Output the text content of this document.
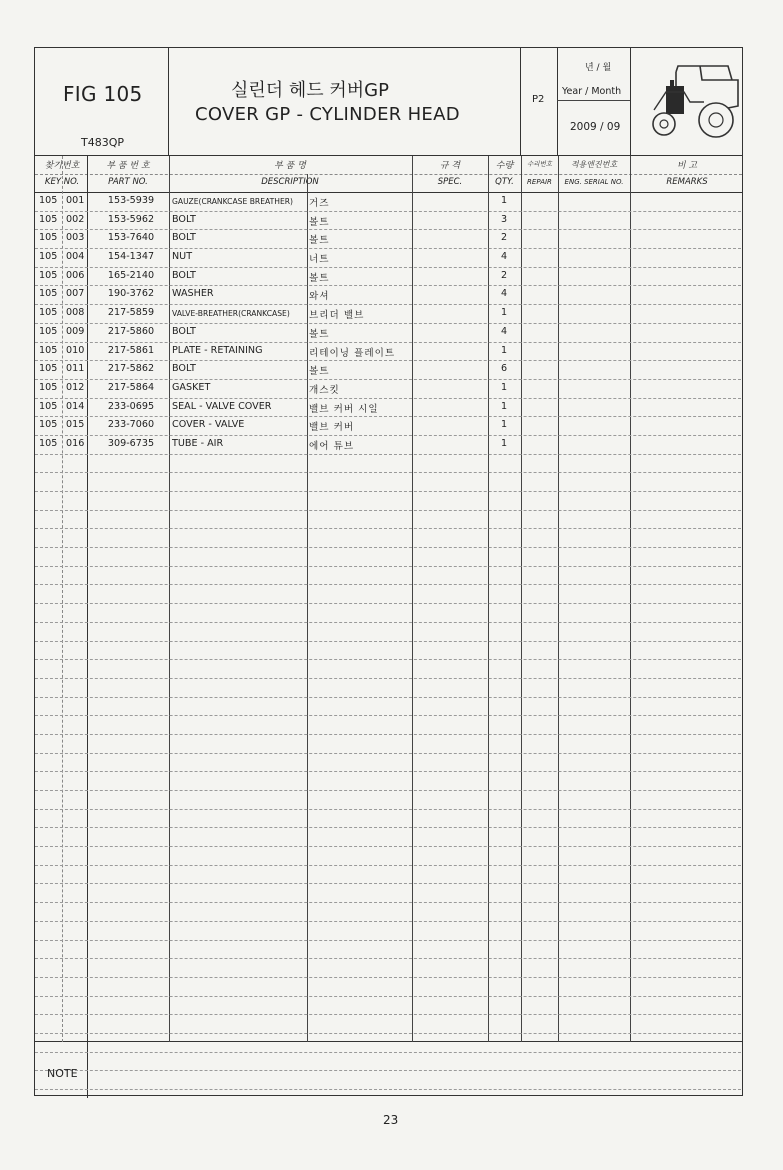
FIG 105
T483QP
실린더 헤드 커버GP
COVER GP - CYLINDER HEAD
P2
년 / 월
Year / Month
2009 / 09
찾기번호
KEY NO.
부 품 번 호
PART NO.
부 품 명
DESCRIPTION
규 격
SPEC.
수량
QTY.
수리번호
REPAIR
적용엔진번호
ENG. SERIAL NO.
비 고
REMARKS
105 001	153-5939	GAUZE(CRANKCASE BREATHER) 거즈	1
105 002	153-5962	BOLT	볼트	3
105 003	153-7640	BOLT	볼트	2
105 004	154-1347	NUT	너트	4
105 006	165-2140	BOLT	볼트	2
105 007	190-3762	WASHER	와셔	4
105 008	217-5859	VALVE-BREATHER(CRANKCASE) 브리더 밸브	1
105 009	217-5860	BOLT	볼트	4
105 010	217-5861	PLATE - RETAINING	리테이닝 플레이트	1
105 011	217-5862	BOLT	볼트	6
105 012	217-5864	GASKET	개스킷	1
105 014	233-0695	SEAL - VALVE COVER	밸브 커버 시일	1
105 015	233-7060	COVER - VALVE	밸브 커버	1
105 016	309-6735	TUBE - AIR	에어 튜브	1
NOTE
23
